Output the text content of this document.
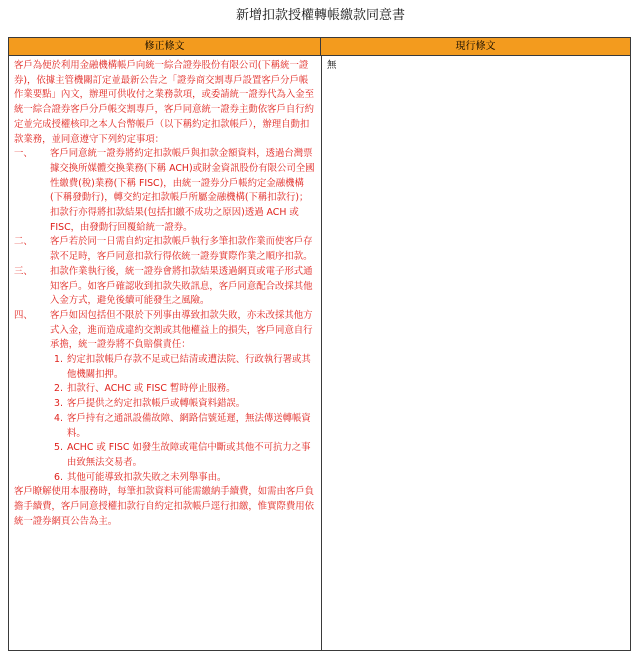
新增扣款授權轉帳繳款同意書
修正條文	現行條文

客戶為便於利用金融機構帳戶向統一綜合證券股份有限公司(下稱統一證券)，依據主管機關訂定並最新公告之「證券商交割專戶設置客戶分戶帳作業要點」內文，辦理可供收付之業務款項，或委請統一證券代為入金至統一綜合證券客戶分戶帳交割專戶，客戶同意統一證券主動依客戶自行約定並完成授權核印之本人台幣帳戶（以下稱約定扣款帳戶），辦理自動扣款業務，並同意遵守下列約定事項：

一、 客戶同意統一證券將約定扣款帳戶與扣款金額資料，透過台灣票據交換所媒體交換業務(下稱 ACH)或財金資訊股份有限公司全國性繳費(稅)業務(下稱 FISC)，由統一證券分戶帳約定金融機構(下稱發動行)，轉交約定扣款帳戶所屬金融機構(下稱扣款行)；扣款行亦得將扣款結果(包括扣繳不成功之原因)透過 ACH 或 FISC，由發動行回覆給統一證券。
二、 客戶若於同一日需自約定扣款帳戶執行多筆扣款作業而使客戶存款不足時，客戶同意扣款行得依統一證券實際作業之順序扣款。
三、 扣款作業執行後，統一證券會將扣款結果透過網頁或電子形式通知客戶。如客戶確認收到扣款失敗訊息，客戶同意配合改採其他入金方式，避免後續可能發生之風險。
四、 客戶如因包括但不限於下列事由導致扣款失敗，亦未改採其他方式入金，進而造成違約交割或其他權益上的損失，客戶同意自行承擔，統一證券將不負賠償責任：
1. 約定扣款帳戶存款不足或已結清或遭法院、行政執行署或其他機關扣押。
2. 扣款行、ACHC 或 FISC 暫時停止服務。
3. 客戶提供之約定扣款帳戶或轉帳資料錯誤。
4. 客戶持有之通訊設備故障、網路信號延遲，無法傳送轉帳資料。
5. ACHC 或 FISC 如發生故障或電信中斷或其他不可抗力之事由致無法交易者。
6. 其他可能導致扣款失敗之未列舉事由。

客戶瞭解使用本服務時，每筆扣款資料可能需繳納手續費，如需由客戶負擔手續費，客戶同意授權扣款行自約定扣款帳戶逕行扣繳，惟實際費用依統一證券網頁公告為主。

無
